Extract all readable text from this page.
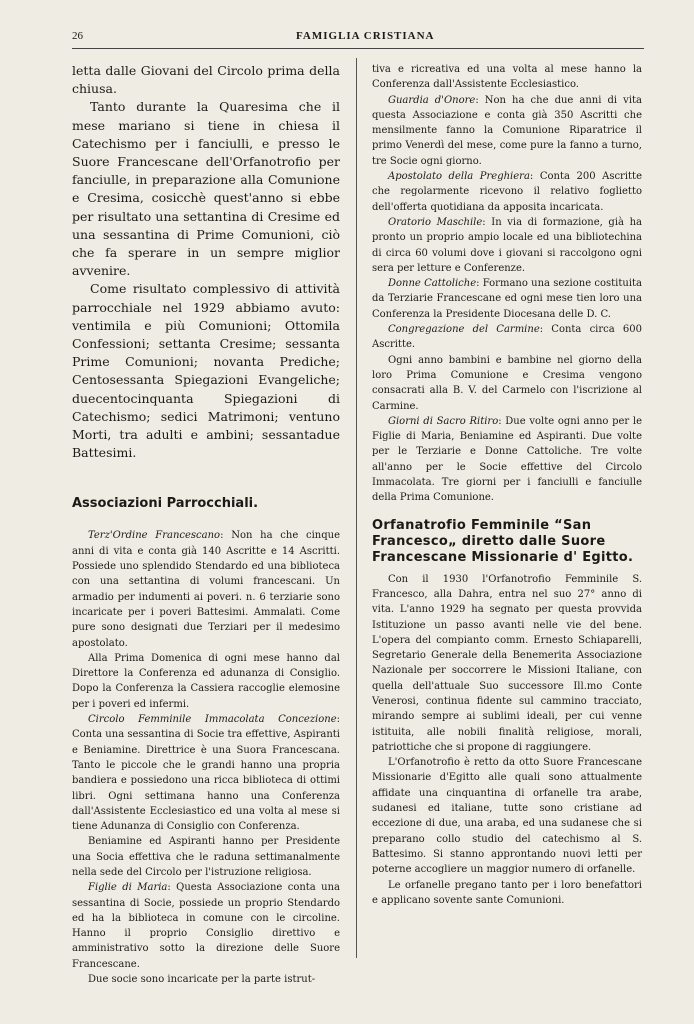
26	FAMIGLIA CRISTIANA

letta dalle Giovani del Circolo prima della chiusa.

Tanto durante la Quaresima che il mese mariano si tiene in chiesa il Catechismo per i fanciulli, e presso le Suore Francescane dell'Orfanotrofio per fanciulle, in preparazione alla Comunione e Cresima, cosicchè quest'anno si ebbe per risultato una settantina di Cresime ed una sessantina di Prime Comunioni, ciò che fa sperare in un sempre miglior avvenire.

Come risultato complessivo di attività parrocchiale nel 1929 abbiamo avuto: ventimila e più Comunioni; Ottomila Confessioni; settanta Cresime; sessanta Prime Comunioni; novanta Prediche; Centosessanta Spiegazioni Evangeliche; duecentocinquanta Spiegazioni di Catechismo; sedici Matrimoni; ventuno Morti, tra adulti e ambini; sessantadue Battesimi.

Associazioni Parrocchiali.

Terz'Ordine Francescano: Non ha che cinque anni di vita e conta già 140 Ascritte e 14 Ascritti. Possiede uno splendido Stendardo ed una biblioteca con una settantina di volumi francescani. Un armadio per indumenti ai poveri. n. 6 terziarie sono incaricate per i poveri Battesimi. Ammalati. Come pure sono designati due Terziari per il medesimo apostolato.

Alla Prima Domenica di ogni mese hanno dal Direttore la Conferenza ed adunanza di Consiglio. Dopo la Conferenza la Cassiera raccoglie elemosine per i poveri ed infermi.

Circolo Femminile Immacolata Concezione: Conta una sessantina di Socie tra effettive, Aspiranti e Beniamine. Direttrice è una Suora Francescana. Tanto le piccole che le grandi hanno una propria bandiera e possiedono una ricca biblioteca di ottimi libri. Ogni settimana hanno una Conferenza dall'Assistente Ecclesiastico ed una volta al mese si tiene Adunanza di Consiglio con Conferenza.

Beniamine ed Aspiranti hanno per Presidente una Socia effettiva che le raduna settimanalmente nella sede del Circolo per l'istruzione religiosa.

Figlie di Maria: Questa Associazione conta una sessantina di Socie, possiede un proprio Stendardo ed ha la biblioteca in comune con le circoline. Hanno il proprio Consiglio direttivo e amministrativo sotto la direzione delle Suore Francescane.

Due socie sono incaricate per la parte istrut-

tiva e ricreativa ed una volta al mese hanno la Conferenza dall'Assistente Ecclesiastico.

Guardia d'Onore: Non ha che due anni di vita questa Associazione e conta già 350 Ascritti che mensilmente fanno la Comunione Riparatrice il primo Venerdì del mese, come pure la fanno a turno, tre Socie ogni giorno.

Apostolato della Preghiera: Conta 200 Ascritte che regolarmente ricevono il relativo foglietto dell'offerta quotidiana da apposita incaricata.

Oratorio Maschile: In via di formazione, già ha pronto un proprio ampio locale ed una bibliotechina di circa 60 volumi dove i giovani si raccolgono ogni sera per letture e Conferenze.

Donne Cattoliche: Formano una sezione costituita da Terziarie Francescane ed ogni mese tien loro una Conferenza la Presidente Diocesana delle D. C.

Congregazione del Carmine: Conta circa 600 Ascritte.

Ogni anno bambini e bambine nel giorno della loro Prima Comunione e Cresima vengono consacrati alla B. V. del Carmelo con l'iscrizione al Carmine.

Giorni di Sacro Ritiro: Due volte ogni anno per le Figlie di Maria, Beniamine ed Aspiranti. Due volte per le Terziarie e Donne Cattoliche. Tre volte all'anno per le Socie effettive del Circolo Immacolata. Tre giorni per i fanciulli e fanciulle della Prima Comunione.

Orfanatrofio Femminile “San Francesco„ diretto dalle Suore Francescane Missionarie d' Egitto.

Con il 1930 l'Orfanotrofio Femminile S. Francesco, alla Dahra, entra nel suo 27° anno di vita. L'anno 1929 ha segnato per questa provvida Istituzione un passo avanti nelle vie del bene. L'opera del compianto comm. Ernesto Schiaparelli, Segretario Generale della Benemerita Associazione Nazionale per soccorrere le Missioni Italiane, con quella dell'attuale Suo successore Ill.mo Conte Venerosi, continua fidente sul cammino tracciato, mirando sempre ai sublimi ideali, per cui venne istituita, alle nobili finalità religiose, morali, patriottiche che si propone di raggiungere.

L'Orfanotrofio è retto da otto Suore Francescane Missionarie d'Egitto alle quali sono attualmente affidate una cinquantina di orfanelle tra arabe, sudanesi ed italiane, tutte sono cristiane ad eccezione di due, una araba, ed una sudanese che si preparano collo studio del catechismo al S. Battesimo. Si stanno approntando nuovi letti per poterne accogliere un maggior numero di orfanelle.

Le orfanelle pregano tanto per i loro benefattori e applicano sovente sante Comunioni.
